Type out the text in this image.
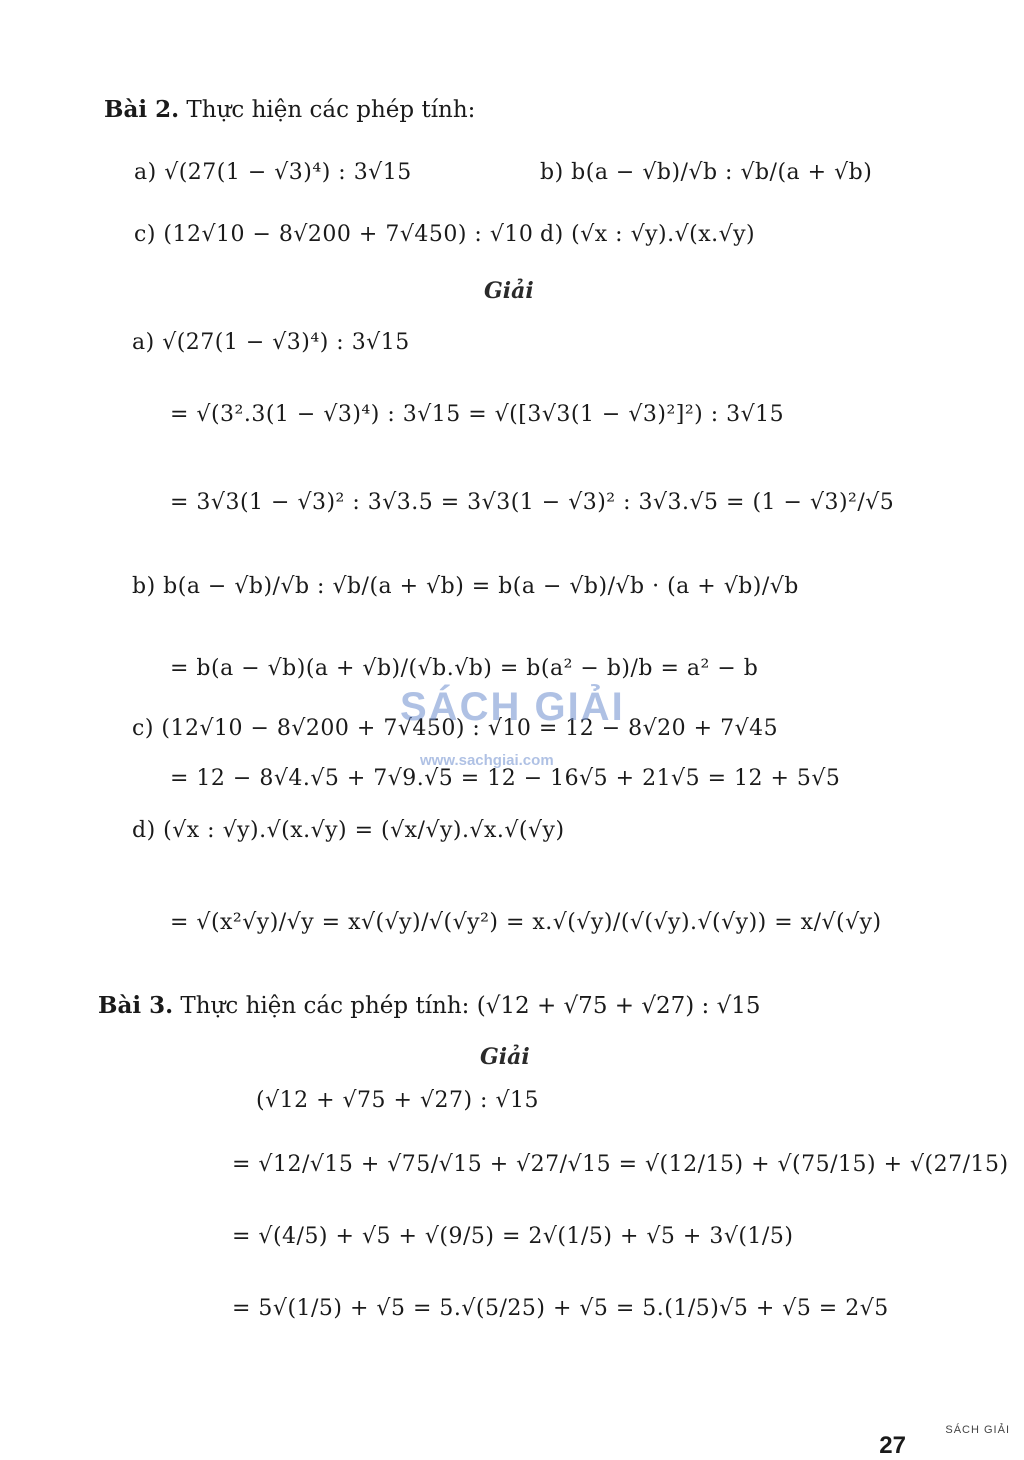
Bài 2. Thực hiện các phép tính:
a) √(27(1 − √3)⁴) : 3√15	b) b(a − √b)/√b : √b/(a + √b)
c) (12√10 − 8√200 + 7√450) : √10 d) (√x : √y).√(x.√y)
Giải
a) √(27(1 − √3)⁴) : 3√15
= √(3².3(1 − √3)⁴) : 3√15 = √([3√3(1 − √3)²]²) : 3√15
= 3√3(1 − √3)² : 3√3.5 = 3√3(1 − √3)² : 3√3.√5 = (1 − √3)²/√5
b) b(a − √b)/√b : √b/(a + √b) = b(a − √b)/√b · (a + √b)/√b
= b(a − √b)(a + √b)/(√b.√b) = b(a² − b)/b = a² − b
c) (12√10 − 8√200 + 7√450) : √10 = 12 − 8√20 + 7√45
= 12 − 8√4.√5 + 7√9.√5 = 12 − 16√5 + 21√5 = 12 + 5√5
d) (√x : √y).√(x.√y) = (√x/√y).√x.√(√y)
= √(x²√y)/√y = x√(√y)/√(√y²) = x.√(√y)/(√(√y).√(√y)) = x/√(√y)
Bài 3. Thực hiện các phép tính: (√12 + √75 + √27) : √15
Giải
(√12 + √75 + √27) : √15
= √12/√15 + √75/√15 + √27/√15 = √(12/15) + √(75/15) + √(27/15)
= √(4/5) + √5 + √(9/5) = 2√(1/5) + √5 + 3√(1/5)
= 5√(1/5) + √5 = 5.√(5/25) + √5 = 5.(1/5)√5 + √5 = 2√5
SÁCH GIẢI
www.sachgiai.com
27
SÁCH GIẢI
